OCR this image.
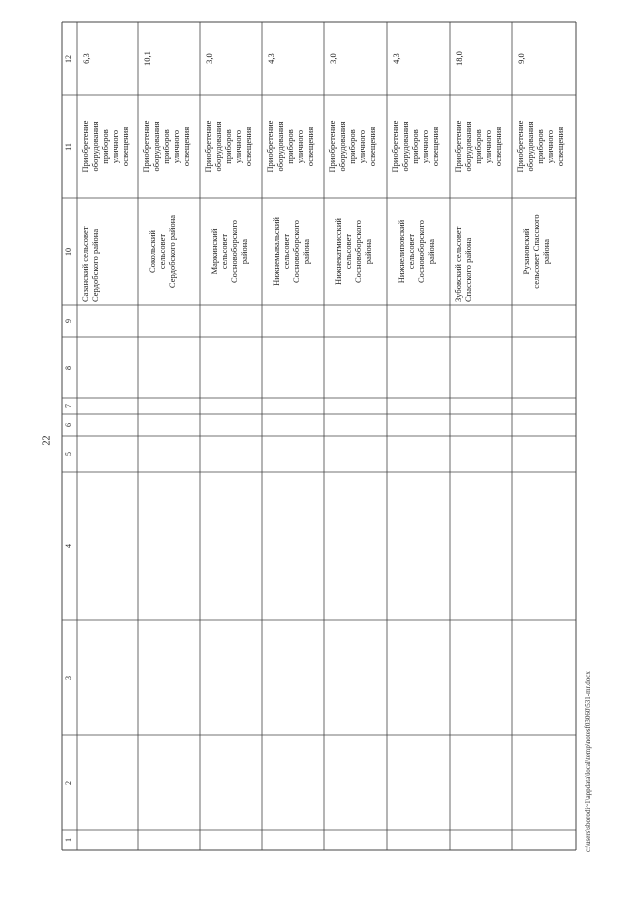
22
12
11
10
9
8
7
6
5
4
3
2
1
6,3
Приобретение
оборудования
приборов
уличного
освещения
Сазанский сельсовет
Сердобского района
10,1
Приобретение
оборудования
приборов
уличного
освещения
Сокольский
сельсовет
Сердобского района
3,0
Приобретение
оборудования
приборов
уличного
освещения
Маркинский
сельсовет
Сосновоборского
района
4,3
Приобретение
оборудования
приборов
уличного
освещения
Нижнемывальский
сельсовет
Сосновоборского
района
3,0
Приобретение
оборудования
приборов
уличного
освещения
Нижнекатмисский
сельсовет
Сосновоборского
района
4,3
Приобретение
оборудования
приборов
уличного
освещения
Нижнелиповский
сельсовет
Сосновоборского
района
18,0
Приобретение
оборудования
приборов
уличного
освещения
Зубовский сельсовет
Спасского района
9,0
Приобретение
оборудования
приборов
уличного
освещения
Рузановский
сельсовет Спасского
района
c:\users\sborodi~1\appdata\local\temp\notesf03060\531-mr.docx
